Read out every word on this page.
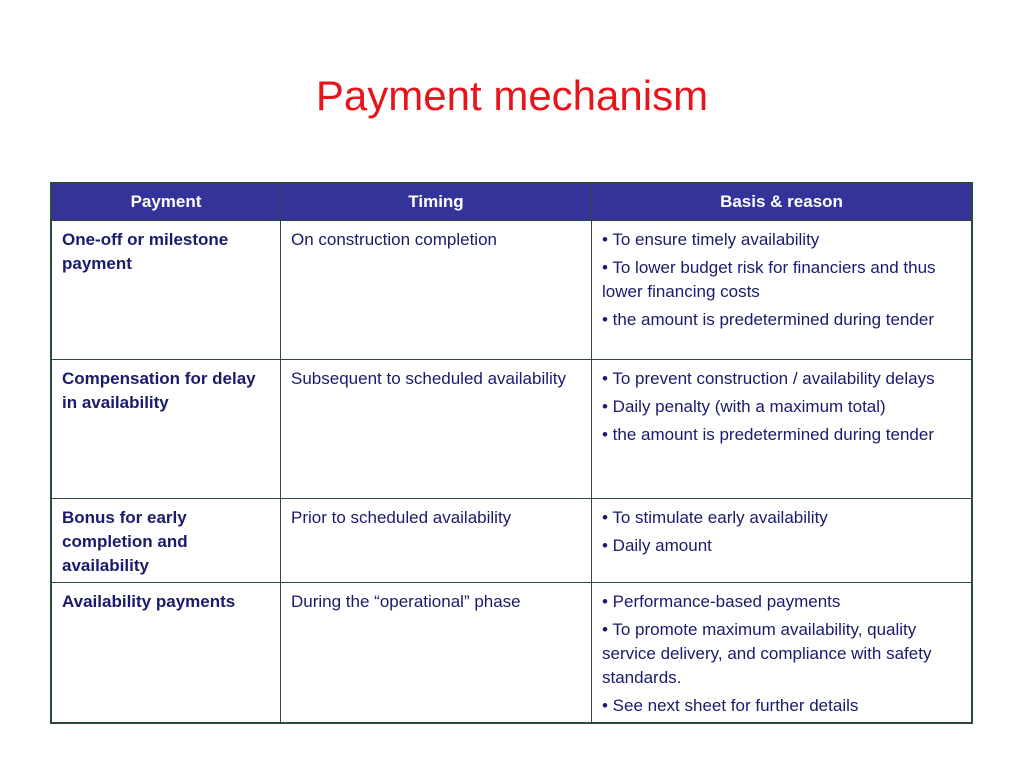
Payment mechanism
Payment	Timing	Basis & reason
One-off or milestone payment	On construction completion	• To ensure timely availability
• To lower budget risk for financiers and thus lower financing costs
• the amount is predetermined during tender

Compensation for delay in availability	Subsequent to scheduled availability	• To prevent construction / availability delays
• Daily penalty (with a maximum total)
• the amount is predetermined during tender

Bonus for early completion and availability	Prior to scheduled availability	• To stimulate early availability
• Daily amount

Availability payments	During the “operational” phase	• Performance-based payments
• To promote maximum availability, quality service delivery, and compliance with safety standards.
• See next sheet for further details
